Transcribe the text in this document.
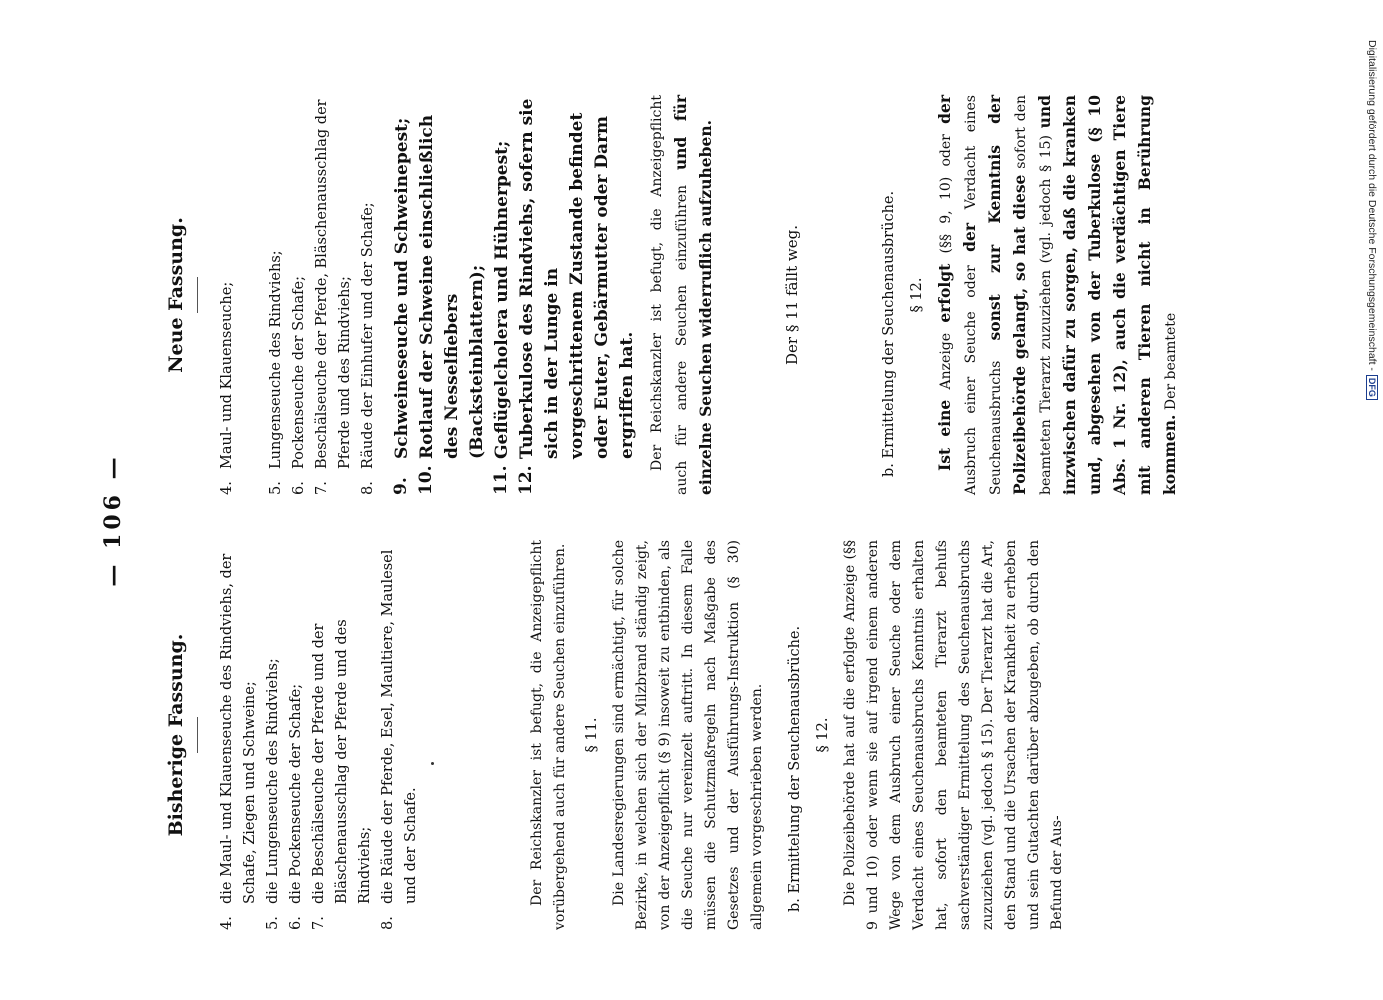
— 106 —
Bisherige Fassung.
4.
die Maul- und Klauenseuche des Rindviehs, der Schafe, Ziegen und Schweine;
5.
die Lungenseuche des Rindviehs;
6.
die Pockenseuche der Schafe;
7.
die Beschälseuche der Pferde und der Bläschenausschlag der Pferde und des Rindviehs;
8.
die Räude der Pferde, Esel, Maultiere, Maulesel und der Schafe.	Der Reichskanzler ist befugt, die Anzeigepflicht vorübergehend auch für andere Seuchen einzuführen. § 11. Die Landesregierungen sind ermächtigt, für solche Bezirke, in welchen sich der Milzbrand ständig zeigt, von der Anzeigepflicht (§ 9) insoweit zu entbinden, als die Seuche nur vereinzelt auftritt. In diesem Falle müssen die Schutzmaßregeln nach Maßgabe des Gesetzes und der Ausführungs-Instruktion (§ 30) allgemein vorgeschrieben werden. b. Ermittelung der Seuchenausbrüche. § 12. Die Polizeibehörde hat auf die erfolgte Anzeige (§§ 9 und 10) oder wenn sie auf irgend einem anderen Wege von dem Ausbruch einer Seuche oder dem Verdacht eines Seuchenausbruchs Kenntnis erhalten hat, sofort den beamteten Tierarzt behufs sachverständiger Ermittelung des Seuchenausbruchs zuzuziehen (vgl. jedoch § 15). Der Tierarzt hat die Art, den Stand und die Ursachen der Krankheit zu erheben und sein Gutachten darüber abzugeben, ob durch den Befund der Aus-

Neue Fassung.
4.
Maul- und Klauenseuche;
5.
Lungenseuche des Rindviehs;
6.
Pockenseuche der Schafe;
7.
Beschälseuche der Pferde, Bläschenausschlag der Pferde und des Rindviehs;
8.
Räude der Einhufer und der Schafe;
9.
Schweineseuche und Schweinepest;
10.
Rotlauf der Schweine einschließlich des Nesselfiebers (Backsteinblattern);
11.
Geflügelcholera und Hühnerpest;
12.
Tuberkulose des Rindviehs, sofern sie sich in der Lunge in vorgeschrittenem Zustande befindet oder Euter, Gebärmutter oder Darm ergriffen hat. Der Reichskanzler ist befugt, die Anzeigepflicht auch für andere Seuchen einzuführen und für einzelne Seuchen widerruflich aufzuheben.	Der § 11 fällt weg.	b. Ermittelung der Seuchenausbrüche. § 12.

Ist eine Anzeige erfolgt (§§ 9, 10) oder der Ausbruch einer Seuche oder der Verdacht eines Seuchenausbruchs sonst zur Kenntnis der Polizeibehörde gelangt, so hat diese sofort den beamteten Tierarzt zuzuziehen (vgl. jedoch § 15) und inzwischen dafür zu sorgen, daß die kranken und, abgesehen von der Tuberkulose (§ 10 Abs. 1 Nr. 12), auch die verdächtigen Tiere mit anderen Tieren nicht in Berührung kommen. Der beamtete	Digitalisierung gefördert durch die Deutsche Forschungsgemeinschaft -
DFG
